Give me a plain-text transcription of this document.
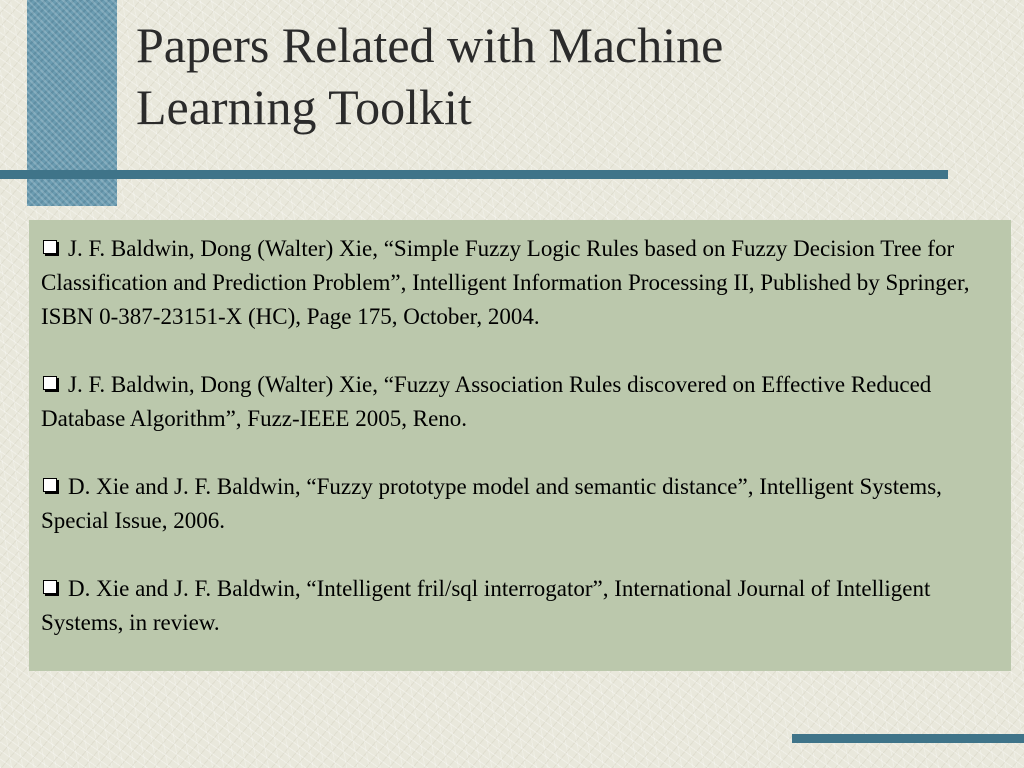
Papers Related with Machine
Learning Toolkit

J. F. Baldwin, Dong (Walter) Xie, “Simple Fuzzy Logic Rules based on Fuzzy Decision Tree for Classification and Prediction Problem”, Intelligent Information Processing II, Published by Springer, ISBN 0-387-23151-X (HC), Page 175, October, 2004.

J. F. Baldwin, Dong (Walter) Xie, “Fuzzy Association Rules discovered on Effective Reduced Database Algorithm”, Fuzz-IEEE 2005, Reno.

D. Xie and J. F. Baldwin, “Fuzzy prototype model and semantic distance”, Intelligent Systems, Special Issue, 2006.

D. Xie and J. F. Baldwin, “Intelligent fril/sql interrogator”, International Journal of Intelligent Systems, in review.
